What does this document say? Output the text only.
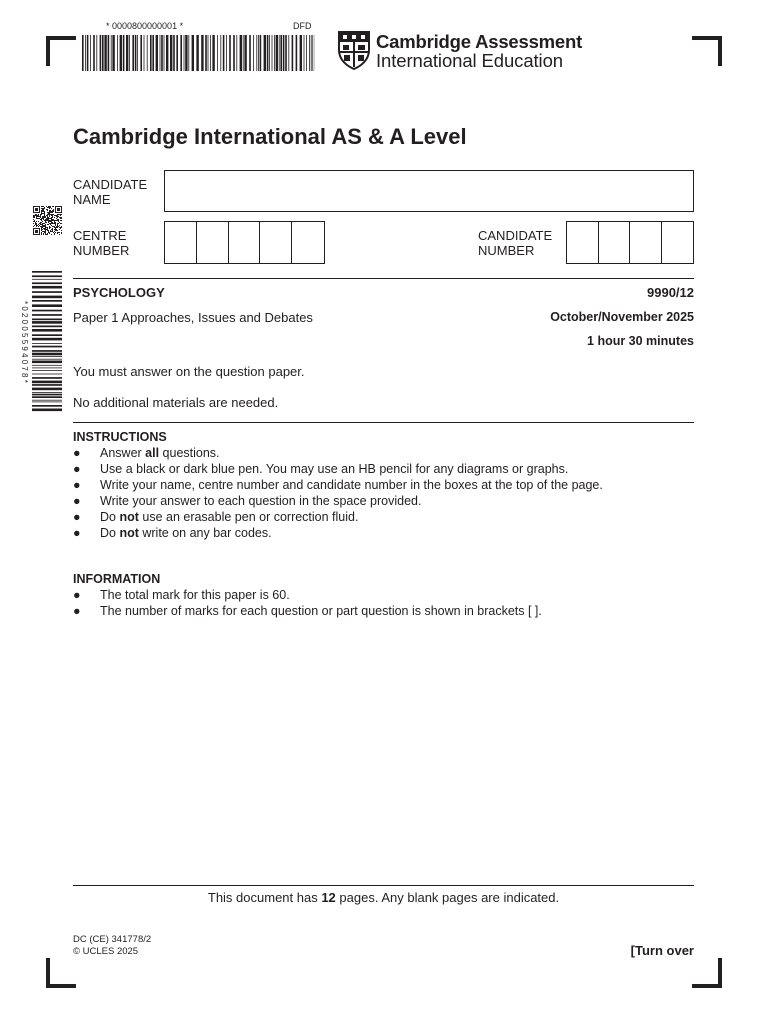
* 0000800000001 *	DFD
Cambridge Assessment
International Education
* 0 2 0 0 5 5 9 4 0 7 8 *
Cambridge International AS & A Level
CANDIDATE
NAME
CENTRE
NUMBER
CANDIDATE
NUMBER
PSYCHOLOGY	9990/12
Paper 1 Approaches, Issues and Debates	October/November 2025
1 hour 30 minutes
You must answer on the question paper.
No additional materials are needed.
INSTRUCTIONS
● Answer all questions.
● Use a black or dark blue pen. You may use an HB pencil for any diagrams or graphs.
● Write your name, centre number and candidate number in the boxes at the top of the page.
● Write your answer to each question in the space provided.
● Do not use an erasable pen or correction fluid.
● Do not write on any bar codes.
INFORMATION
● The total mark for this paper is 60.
● The number of marks for each question or part question is shown in brackets [ ].
This document has 12 pages. Any blank pages are indicated.
DC (CE) 341778/2
© UCLES 2025	[Turn over
